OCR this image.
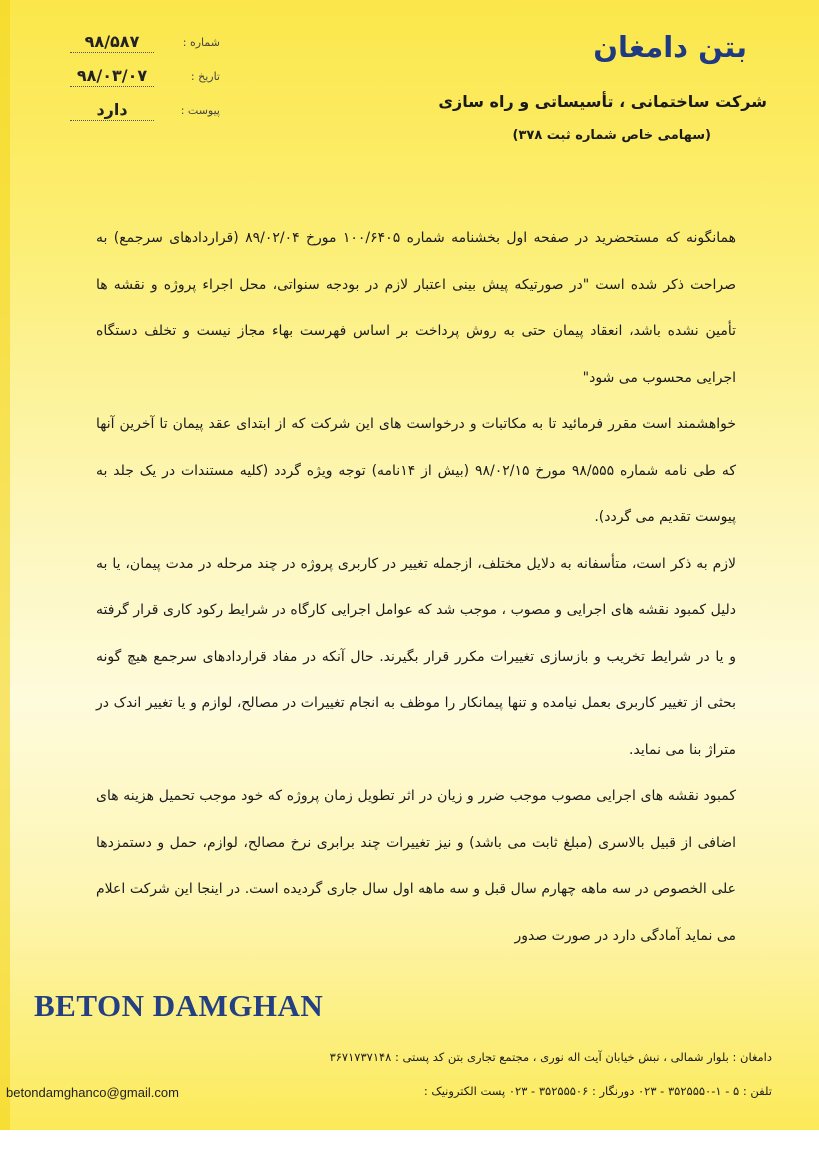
۹۸/۵۸۷	شماره :
۹۸/۰۳/۰۷	تاریخ :
دارد	پیوست :
بتن دامغان
شرکت ساختمانی ، تأسیساتی و راه سازی
(سهامی خاص شماره ثبت ۳۷۸)

همانگونه که مستحضرید در صفحه اول بخشنامه شماره ۱۰۰/۶۴۰۵ مورخ ۸۹/۰۲/۰۴ (قراردادهای سرجمع) به صراحت ذکر شده است "در صورتیکه پیش بینی اعتبار لازم در بودجه سنواتی، محل اجراء پروژه و نقشه ها تأمین نشده باشد، انعقاد پیمان حتی به روش پرداخت بر اساس فهرست بهاء مجاز نیست و تخلف دستگاه اجرایی محسوب می شود"

خواهشمند است مقرر فرمائید تا به مکاتبات و درخواست های این شرکت که از ابتدای عقد پیمان تا آخرین آنها که طی نامه شماره ۹۸/۵۵۵ مورخ ۹۸/۰۲/۱۵ (بیش از ۱۴نامه) توجه ویژه گردد (کلیه مستندات در یک جلد به پیوست تقدیم می گردد).

لازم به ذکر است، متأسفانه به دلایل مختلف، ازجمله تغییر در کاربری پروژه در چند مرحله در مدت پیمان، یا به دلیل کمبود نقشه های اجرایی و مصوب ، موجب شد که عوامل اجرایی کارگاه در شرایط رکود کاری قرار گرفته و یا در شرایط تخریب و بازسازی تغییرات مکرر قرار بگیرند. حال آنکه در مفاد قراردادهای سرجمع هیچ گونه بحثی از تغییر کاربری بعمل نیامده و تنها پیمانکار را موظف به انجام تغییرات در مصالح، لوازم و یا تغییر اندک در متراژ بنا می نماید.

کمبود نقشه های اجرایی مصوب موجب ضرر و زیان در اثر تطویل زمان پروژه که خود موجب تحمیل هزینه های اضافی از قبیل بالاسری (مبلغ ثابت می باشد) و نیز تغییرات چند برابری نرخ مصالح، لوازم، حمل و دستمزدها علی الخصوص در سه ماهه چهارم سال قبل و سه ماهه اول سال جاری گردیده است. در اینجا این شرکت اعلام می نماید آمادگی دارد در صورت صدور

BETON DAMGHAN
دامغان : بلوار شمالی ، نبش خیابان آیت اله نوری ، مجتمع تجاری بتن کد پستی : ۳۶۷۱۷۳۷۱۴۸
تلفن : ۵ - ۱-۳۵۲۵۵۵۰ - ۰۲۳ دورنگار : ۳۵۲۵۵۵۰۶ - ۰۲۳ پست الکترونیک :
betondamghanco@gmail.com
